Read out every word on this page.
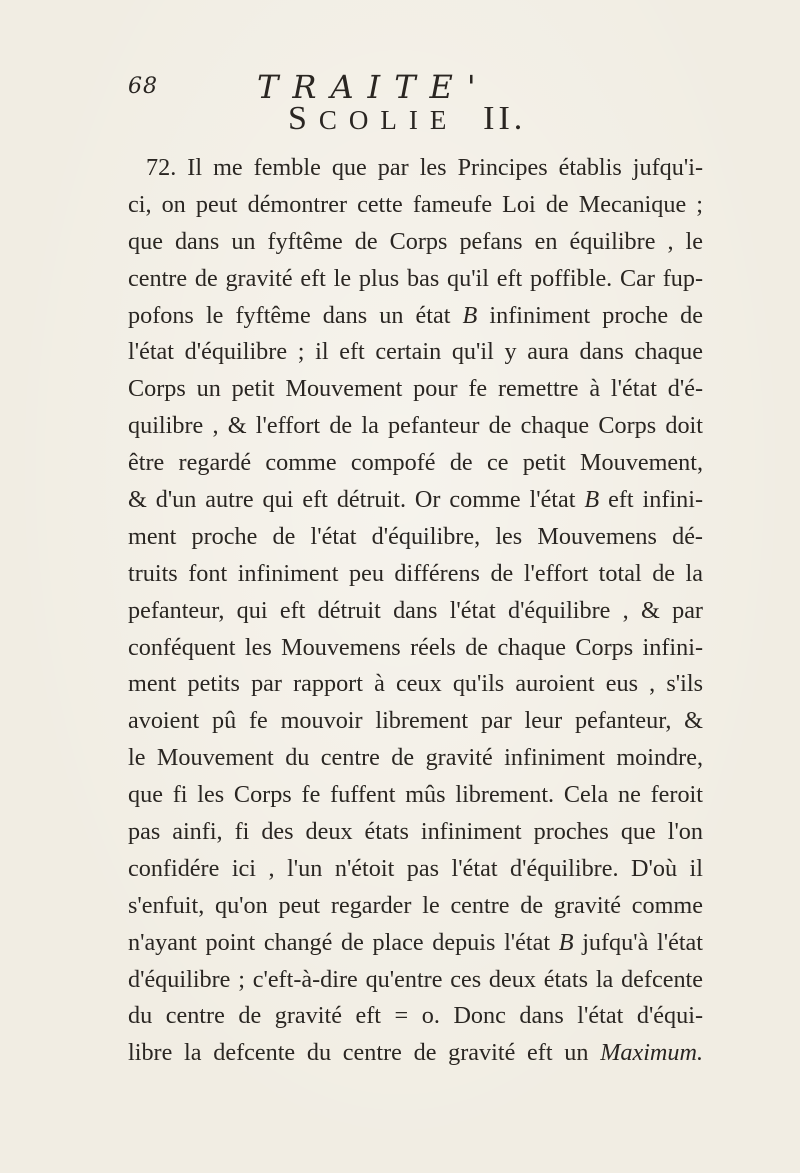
68	TRAITE'
SCOLIE II.
72. Il me femble que par les Principes établis jufqu'i-
ci, on peut démontrer cette fameufe Loi de Mecanique ;
que dans un fyftême de Corps pefans en équilibre , le
centre de gravité eft le plus bas qu'il eft poffible. Car fup-
pofons le fyftême dans un état B infiniment proche de
l'état d'équilibre ; il eft certain qu'il y aura dans chaque
Corps un petit Mouvement pour fe remettre à l'état d'é-
quilibre , & l'effort de la pefanteur de chaque Corps doit
être regardé comme compofé de ce petit Mouvement,
& d'un autre qui eft détruit. Or comme l'état B eft infini-
ment proche de l'état d'équilibre, les Mouvemens dé-
truits font infiniment peu différens de l'effort total de la
pefanteur, qui eft détruit dans l'état d'équilibre , & par
conféquent les Mouvemens réels de chaque Corps infini-
ment petits par rapport à ceux qu'ils auroient eus , s'ils
avoient pû fe mouvoir librement par leur pefanteur, &
le Mouvement du centre de gravité infiniment moindre,
que fi les Corps fe fuffent mûs librement. Cela ne feroit
pas ainfi, fi des deux états infiniment proches que l'on
confidére ici , l'un n'étoit pas l'état d'équilibre. D'où il
s'enfuit, qu'on peut regarder le centre de gravité comme
n'ayant point changé de place depuis l'état B jufqu'à l'état
d'équilibre ; c'eft-à-dire qu'entre ces deux états la defcente
du centre de gravité eft = o. Donc dans l'état d'équi-
libre la defcente du centre de gravité eft un Maximum.
